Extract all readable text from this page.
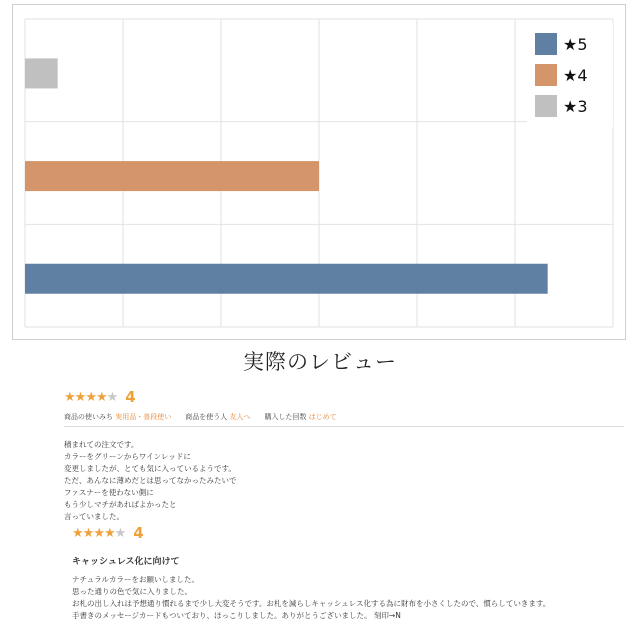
★5
★4
★3
実際のレビュー
★★★★★ 4
商品の使いみち 実用品・普段使い 商品を使う人 友人へ 購入した回数 はじめて
積まれての注文です。
カラーをグリーンからワインレッドに
変更しましたが、とても気に入っているようです。
ただ、あんなに薄めだとは思ってなかったみたいで
ファスナーを使わない側に
もう少しマチがあればよかったと
言っていました。
★★★★★ 4
キャッシュレス化に向けて
ナチュラルカラーをお願いしました。
思った通りの色で気に入りました。
お札の出し入れは予想通り慣れるまで少し大変そうです。お札を減らしキャッシュレス化する為に財布を小さくしたので、慣らしていきます。
手書きのメッセージカードもついており、ほっこりしました。ありがとうございました。 刻印→N
